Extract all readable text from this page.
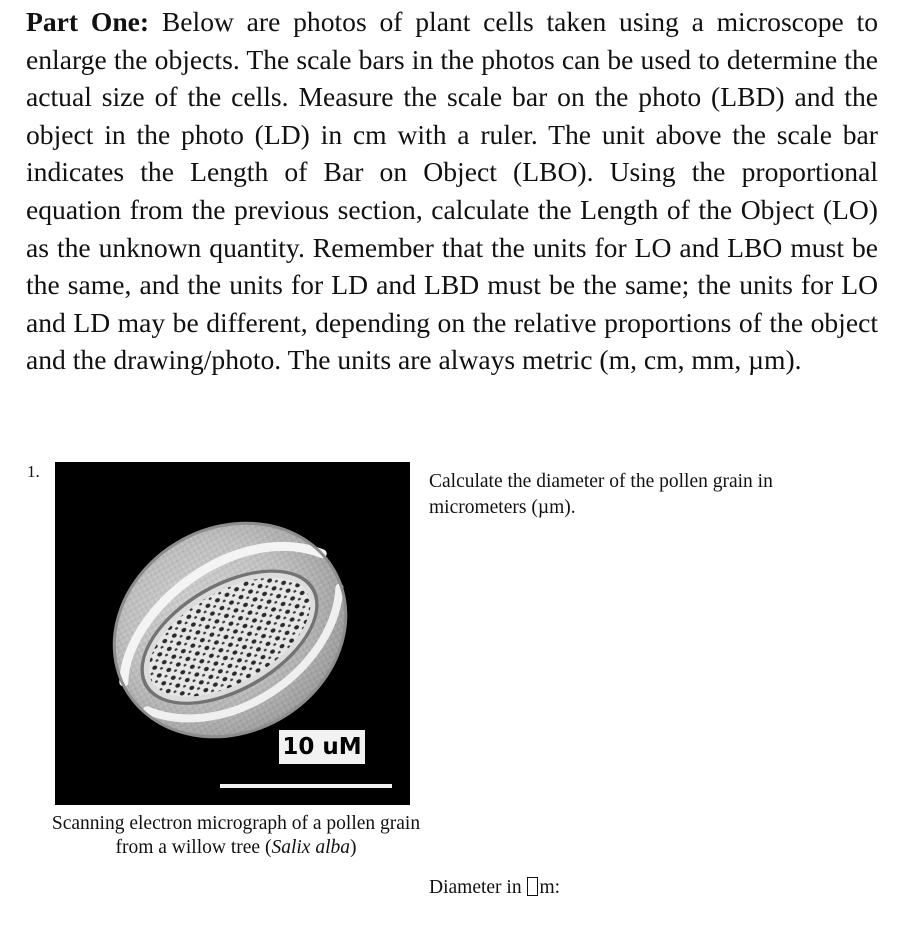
Part One: Below are photos of plant cells taken using a microscope to enlarge the objects. The scale bars in the photos can be used to determine the actual size of the cells. Measure the scale bar on the photo (LBD) and the object in the photo (LD) in cm with a ruler. The unit above the scale bar indicates the Length of Bar on Object (LBO). Using the proportional equation from the previous section, calculate the Length of the Object (LO) as the unknown quantity. Remember that the units for LO and LBO must be the same, and the units for LD and LBD must be the same; the units for LO and LD may be different, depending on the relative proportions of the object and the drawing/photo. The units are always metric (m, cm, mm, µm).

1.
10 uM
Scanning electron micrograph of a pollen grain from a willow tree (Salix alba)
Calculate the diameter of the pollen grain in micrometers (µm).
Diameter in m:
